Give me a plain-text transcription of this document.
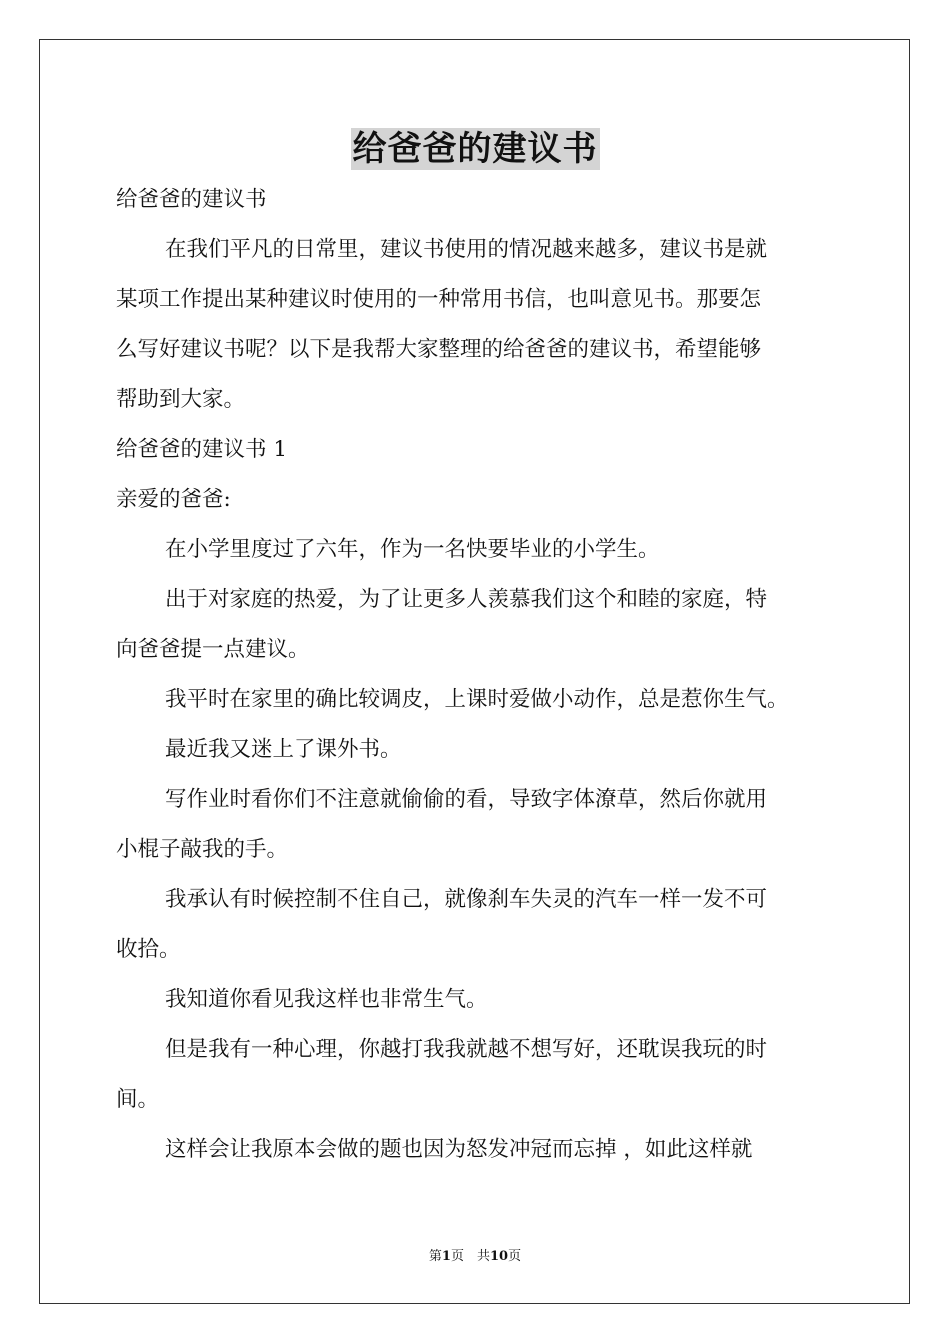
给爸爸的建议书
给爸爸的建议书
在我们平凡的日常里，建议书使用的情况越来越多，建议书是就
某项工作提出某种建议时使用的一种常用书信，也叫意见书。那要怎
么写好建议书呢？以下是我帮大家整理的给爸爸的建议书，希望能够
帮助到大家。
给爸爸的建议书 1
亲爱的爸爸:
在小学里度过了六年，作为一名快要毕业的小学生。
出于对家庭的热爱，为了让更多人羡慕我们这个和睦的家庭，特
向爸爸提一点建议。
我平时在家里的确比较调皮，上课时爱做小动作，总是惹你生气。
最近我又迷上了课外书。
写作业时看你们不注意就偷偷的看，导致字体潦草，然后你就用
小棍子敲我的手。
我承认有时候控制不住自己，就像刹车失灵的汽车一样一发不可
收拾。
我知道你看见我这样也非常生气。
但是我有一种心理，你越打我我就越不想写好，还耽误我玩的时
间。
这样会让我原本会做的题也因为怒发冲冠而忘掉 ，如此这样就
第1页　共10页
